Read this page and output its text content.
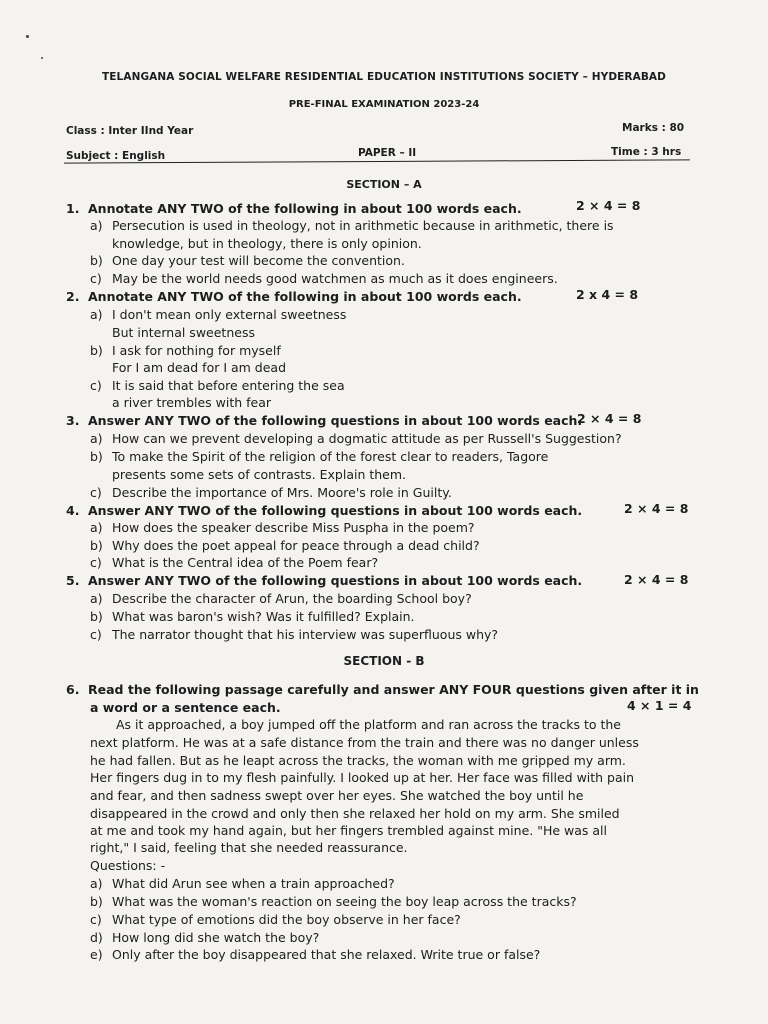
TELANGANA SOCIAL WELFARE RESIDENTIAL EDUCATION INSTITUTIONS SOCIETY – HYDERABAD
PRE-FINAL EXAMINATION 2023-24
Class : Inter IInd Year	Marks : 80
Subject : English	PAPER – II	Time : 3 hrs
SECTION – A
1. Annotate ANY TWO of the following in about 100 words each.	2 × 4 = 8
a) Persecution is used in theology, not in arithmetic because in arithmetic, there is
knowledge, but in theology, there is only opinion.
b) One day your test will become the convention.
c) May be the world needs good watchmen as much as it does engineers.
2. Annotate ANY TWO of the following in about 100 words each.	2 x 4 = 8
a) I don't mean only external sweetness
But internal sweetness
b) I ask for nothing for myself
For I am dead for I am dead
c) It is said that before entering the sea
a river trembles with fear
3. Answer ANY TWO of the following questions in about 100 words each.
2 × 4 = 8
a) How can we prevent developing a dogmatic attitude as per Russell's Suggestion?
b) To make the Spirit of the religion of the forest clear to readers, Tagore
presents some sets of contrasts. Explain them.
c) Describe the importance of Mrs. Moore's role in Guilty.
4. Answer ANY TWO of the following questions in about 100 words each.	2 × 4 = 8
a) How does the speaker describe Miss Puspha in the poem?
b) Why does the poet appeal for peace through a dead child?
c) What is the Central idea of the Poem fear?
5. Answer ANY TWO of the following questions in about 100 words each.	2 × 4 = 8
a) Describe the character of Arun, the boarding School boy?
b) What was baron's wish? Was it fulfilled? Explain.
c) The narrator thought that his interview was superfluous why?
SECTION - B
6. Read the following passage carefully and answer ANY FOUR questions given after it in
a word or a sentence each.	4 × 1 = 4
As it approached, a boy jumped off the platform and ran across the tracks to the
next platform. He was at a safe distance from the train and there was no danger unless
he had fallen. But as he leapt across the tracks, the woman with me gripped my arm.
Her fingers dug in to my flesh painfully. I looked up at her. Her face was filled with pain
and fear, and then sadness swept over her eyes. She watched the boy until he
disappeared in the crowd and only then she relaxed her hold on my arm. She smiled
at me and took my hand again, but her fingers trembled against mine. "He was all
right," I said, feeling that she needed reassurance.
Questions: -
a) What did Arun see when a train approached?
b) What was the woman's reaction on seeing the boy leap across the tracks?
c) What type of emotions did the boy observe in her face?
d) How long did she watch the boy?
e) Only after the boy disappeared that she relaxed. Write true or false?
